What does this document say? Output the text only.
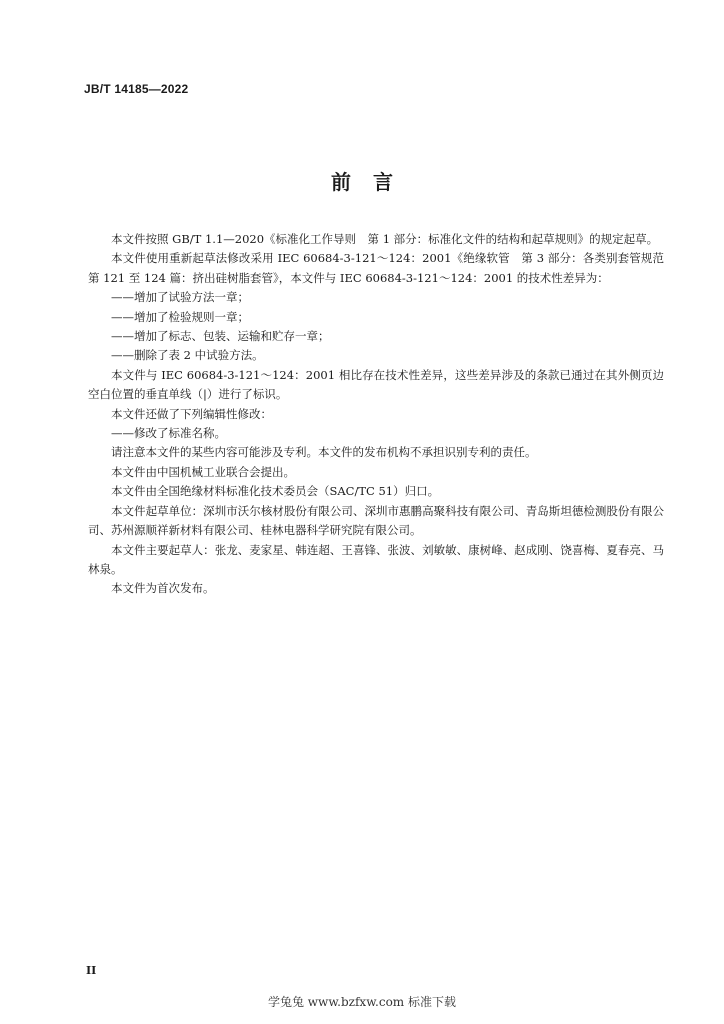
JB/T 14185—2022
前言

本文件按照 GB/T 1.1—2020《标准化工作导则　第 1 部分：标准化文件的结构和起草规则》的规定起草。

本文件使用重新起草法修改采用 IEC 60684-3-121～124：2001《绝缘软管　第 3 部分：各类别套管规范　第 121 至 124 篇：挤出硅树脂套管》，本文件与 IEC 60684-3-121～124：2001 的技术性差异为：

——增加了试验方法一章；

——增加了检验规则一章；

——增加了标志、包装、运输和贮存一章；

——删除了表 2 中试验方法。

本文件与 IEC 60684-3-121～124：2001 相比存在技术性差异，这些差异涉及的条款已通过在其外侧页边空白位置的垂直单线（|）进行了标识。

本文件还做了下列编辑性修改：

——修改了标准名称。

请注意本文件的某些内容可能涉及专利。本文件的发布机构不承担识别专利的责任。

本文件由中国机械工业联合会提出。

本文件由全国绝缘材料标准化技术委员会（SAC/TC 51）归口。

本文件起草单位：深圳市沃尔核材股份有限公司、深圳市惠鹏高聚科技有限公司、青岛斯坦德检测股份有限公司、苏州源顺祥新材料有限公司、桂林电器科学研究院有限公司。

本文件主要起草人：张龙、麦家星、韩连超、王喜锋、张波、刘敏敏、康树峰、赵成刚、饶喜梅、夏春亮、马林泉。

本文件为首次发布。

II
学兔兔 www.bzfxw.com 标准下载
